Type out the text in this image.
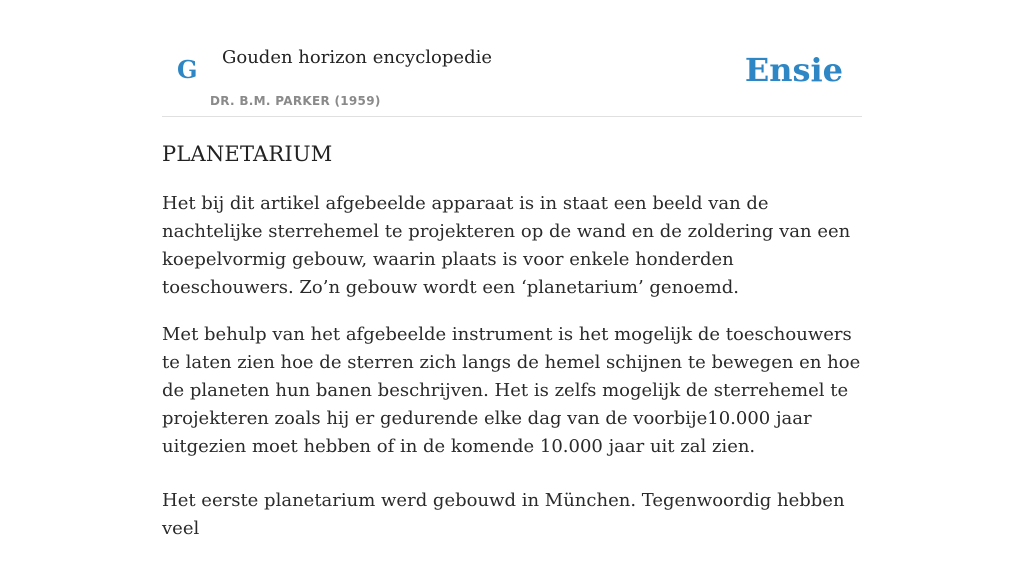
G Gouden horizon encyclopedie
DR. B.M. PARKER (1959)
Ensie
PLANETARIUM

Het bij dit artikel afgebeelde apparaat is in staat een beeld van de nachtelijke sterrehemel te projekteren op de wand en de zoldering van een koepelvormig gebouw, waarin plaats is voor enkele honderden toeschouwers. Zo’n gebouw wordt een ‘planetarium’ genoemd.

Met behulp van het afgebeelde instrument is het mogelijk de toeschouwers te laten zien hoe de sterren zich langs de hemel schijnen te bewegen en hoe de planeten hun banen beschrijven. Het is zelfs mogelijk de sterrehemel te projekteren zoals hij er gedurende elke dag van de voorbije10.000 jaar uitgezien moet hebben of in de komende 10.000 jaar uit zal zien.

Het eerste planetarium werd gebouwd in München. Tegenwoordig hebben veel
